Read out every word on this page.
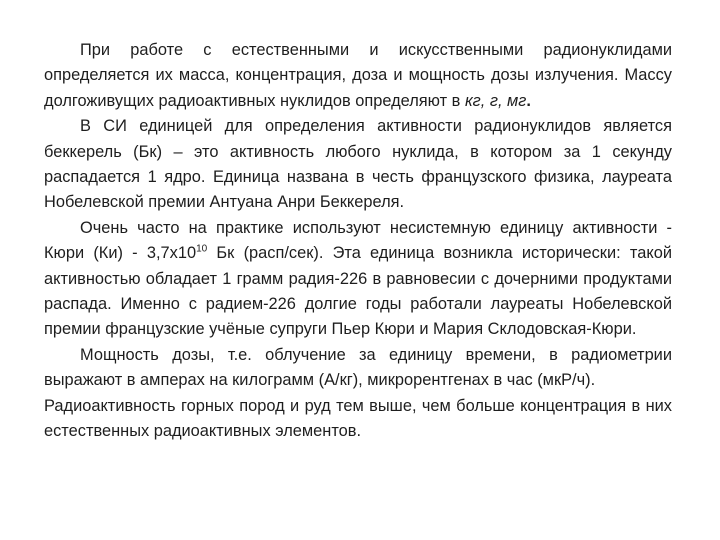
При работе с естественными и искусственными радионуклидами определяется их масса, концентрация, доза и мощность дозы излучения. Массу долгоживущих радиоактивных нуклидов определяют в кг, г, мг.

В СИ единицей для определения активности радионуклидов является беккерель (Бк) – это активность любого нуклида, в котором за 1 секунду распадается 1 ядро. Единица названа в честь французского физика, лауреата Нобелевской премии Антуана Анри Беккереля.

Очень часто на практике используют несистемную единицу активности - Кюри $(Ки) - 3,7х10^{10}$ Бк (расп/сек). Эта единица возникла исторически: такой активностью обладает 1 грамм радия-226 в равновесии с дочерними продуктами распада. Именно с радием-226 долгие годы работали лауреаты Нобелевской премии французские учёные супруги Пьер Кюри и Мария Склодовская-Кюри.

Мощность дозы, т.е. облучение за единицу времени, в радиометрии выражают в амперах на килограмм (А/кг), микрорентгенах в час (мкР/ч).

Радиоактивность горных пород и руд тем выше, чем больше концентрация в них естественных радиоактивных элементов.
